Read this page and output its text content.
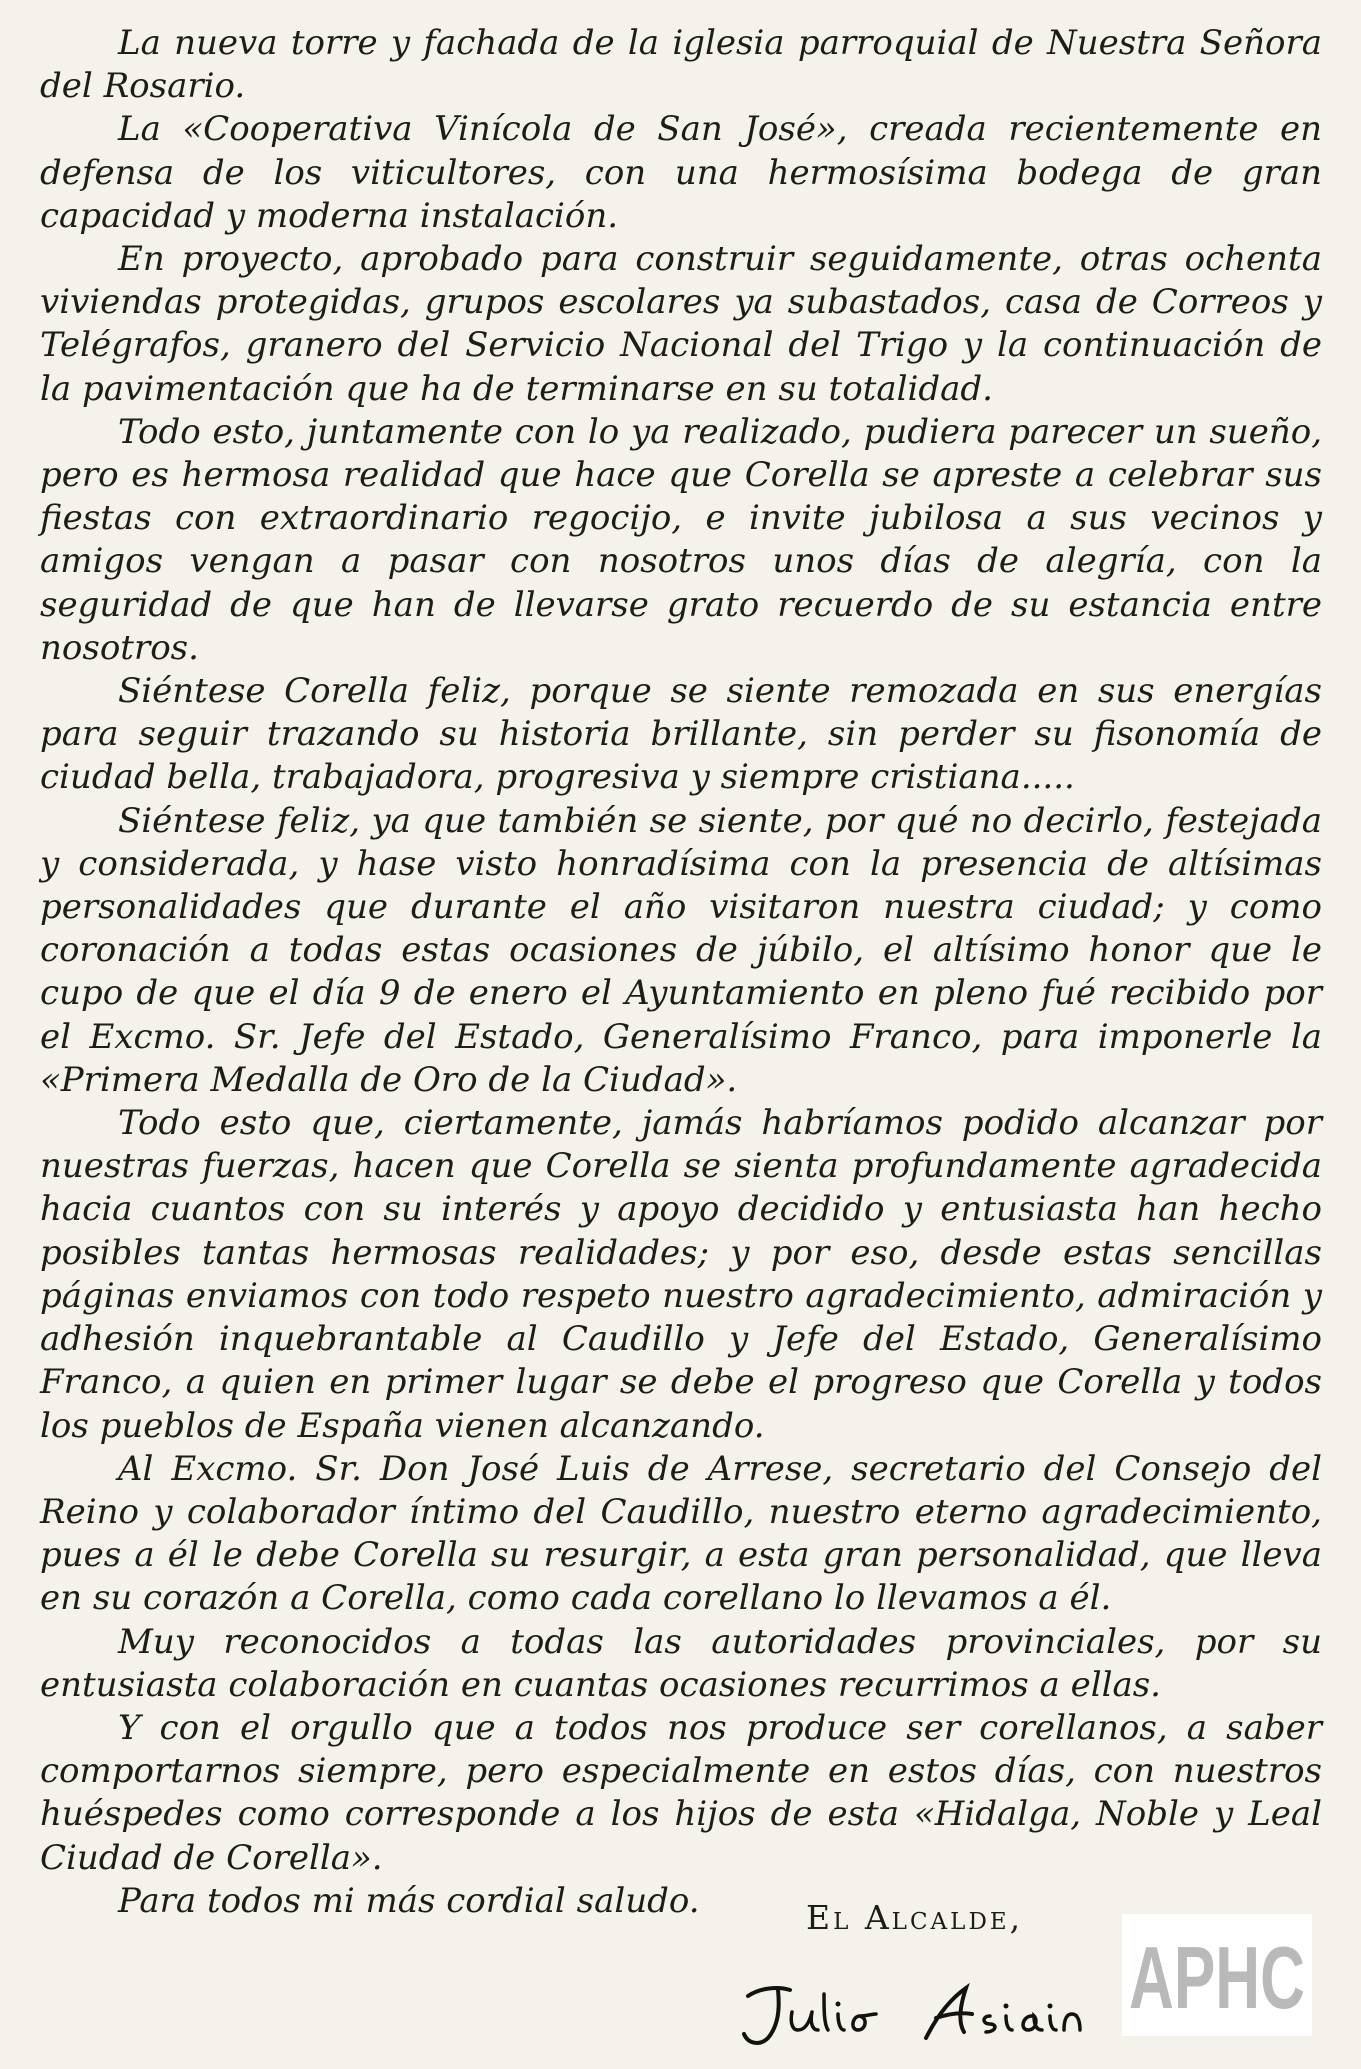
La nueva torre y fachada de la iglesia parroquial de Nuestra Señora del Rosario.

La «Cooperativa Vinícola de San José», creada recientemente en defensa de los viticultores, con una hermosísima bodega de gran capacidad y moderna instalación.

En proyecto, aprobado para construir seguidamente, otras ochenta viviendas protegidas, grupos escolares ya subastados, casa de Correos y Telégrafos, granero del Servicio Nacional del Trigo y la continuación de la pavimentación que ha de terminarse en su totalidad.

Todo esto, juntamente con lo ya realizado, pudiera parecer un sueño, pero es hermosa realidad que hace que Corella se apreste a celebrar sus fiestas con extraordinario regocijo, e invite jubilosa a sus vecinos y amigos vengan a pasar con nosotros unos días de alegría, con la seguridad de que han de llevarse grato recuerdo de su estancia entre nosotros.

Siéntese Corella feliz, porque se siente remozada en sus energías para seguir trazando su historia brillante, sin perder su fisonomía de ciudad bella, trabajadora, progresiva y siempre cristiana.....

Siéntese feliz, ya que también se siente, por qué no decirlo, festejada y considerada, y hase visto honradísima con la presencia de altísimas personalidades que durante el año visitaron nuestra ciudad; y como coronación a todas estas ocasiones de júbilo, el altísimo honor que le cupo de que el día 9 de enero el Ayuntamiento en pleno fué recibido por el Excmo. Sr. Jefe del Estado, Generalísimo Franco, para imponerle la «Primera Medalla de Oro de la Ciudad».

Todo esto que, ciertamente, jamás habríamos podido alcanzar por nuestras fuerzas, hacen que Corella se sienta profundamente agradecida hacia cuantos con su interés y apoyo decidido y entusiasta han hecho posibles tantas hermosas realidades; y por eso, desde estas sencillas páginas enviamos con todo respeto nuestro agradecimiento, admiración y adhesión inquebrantable al Caudillo y Jefe del Estado, Generalísimo Franco, a quien en primer lugar se debe el progreso que Corella y todos los pueblos de España vienen alcanzando.

Al Excmo. Sr. Don José Luis de Arrese, secretario del Consejo del Reino y colaborador íntimo del Caudillo, nuestro eterno agradecimiento, pues a él le debe Corella su resurgir, a esta gran personalidad, que lleva en su corazón a Corella, como cada corellano lo llevamos a él.

Muy reconocidos a todas las autoridades provinciales, por su entusiasta colaboración en cuantas ocasiones recurrimos a ellas.

Y con el orgullo que a todos nos produce ser corellanos, a saber comportarnos siempre, pero especialmente en estos días, con nuestros huéspedes como corresponde a los hijos de esta «Hidalga, Noble y Leal Ciudad de Corella».

Para todos mi más cordial saludo.	El Alcalde,
APHC
